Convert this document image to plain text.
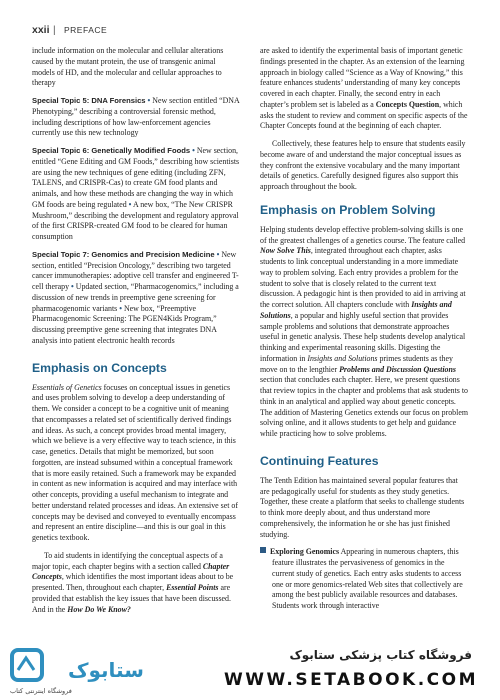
xxii | PREFACE

include information on the molecular and cellular alterations caused by the mutant protein, the use of transgenic animal models of HD, and the molecular and cellular approaches to therapy

Special Topic 5: DNA Forensics • New section entitled “DNA Phenotyping,” describing a controversial forensic method, including descriptions of how law-enforcement agencies currently use this new technology

Special Topic 6: Genetically Modified Foods • New section, entitled “Gene Editing and GM Foods,” describing how scientists are using the new techniques of gene editing (including ZFN, TALENS, and CRISPR-Cas) to create GM food plants and animals, and how these methods are changing the way in which GM foods are being regulated • A new box, “The New CRISPR Mushroom,” describing the development and regulatory approval of the first CRISPR-created GM food to be cleared for human consumption

Special Topic 7: Genomics and Precision Medicine • New section, entitled “Precision Oncology,” describing two targeted cancer immunotherapies: adoptive cell transfer and engineered T-cell therapy • Updated section, “Pharmacogenomics,” including a discussion of new trends in preemptive gene screening for pharmacogenomic variants • New box, “Preemptive Pharmacogenomic Screening: The PGEN4Kids Program,” discussing preemptive gene screening that integrates DNA analysis into patient electronic health records

Emphasis on Concepts

Essentials of Genetics focuses on conceptual issues in genetics and uses problem solving to develop a deep understanding of them. We consider a concept to be a cognitive unit of meaning that encompasses a related set of scientifically derived findings and ideas. As such, a concept provides broad mental imagery, which we believe is a very effective way to teach science, in this case, genetics. Details that might be memorized, but soon forgotten, are instead subsumed within a conceptual framework that is more easily retained. Such a framework may be expanded in content as new information is acquired and may interface with other concepts, providing a useful mechanism to integrate and better understand related processes and ideas. An extensive set of concepts may be devised and conveyed to eventually encompass and represent an entire discipline—and this is our goal in this genetics textbook.

To aid students in identifying the conceptual aspects of a major topic, each chapter begins with a section called Chapter Concepts, which identifies the most important ideas about to be presented. Then, throughout each chapter, Essential Points are provided that establish the key issues that have been discussed. And in the How Do We Know?

are asked to identify the experimental basis of important genetic findings presented in the chapter. As an extension of the learning approach in biology called “Science as a Way of Knowing,” this feature enhances students’ understanding of many key concepts covered in each chapter. Finally, the second entry in each chapter’s problem set is labeled as a Concepts Question, which asks the student to review and comment on specific aspects of the Chapter Concepts found at the beginning of each chapter.

Collectively, these features help to ensure that students easily become aware of and understand the major conceptual issues as they confront the extensive vocabulary and the many important details of genetics. Carefully designed figures also support this approach throughout the book.

Emphasis on Problem Solving

Helping students develop effective problem-solving skills is one of the greatest challenges of a genetics course. The feature called Now Solve This, integrated throughout each chapter, asks students to link conceptual understanding in a more immediate way to problem solving. Each entry provides a problem for the student to solve that is closely related to the current text discussion. A pedagogic hint is then provided to aid in arriving at the correct solution. All chapters conclude with Insights and Solutions, a popular and highly useful section that provides sample problems and solutions that demonstrate approaches useful in genetic analysis. These help students develop analytical thinking and experimental reasoning skills. Digesting the information in Insights and Solutions primes students as they move on to the lengthier Problems and Discussion Questions section that concludes each chapter. Here, we present questions that review topics in the chapter and problems that ask students to think in an analytical and applied way about genetic concepts. The addition of Mastering Genetics extends our focus on problem solving online, and it allows students to get help and guidance while practicing how to solve problems.

Continuing Features

The Tenth Edition has maintained several popular features that are pedagogically useful for students as they study genetics. Together, these create a platform that seeks to challenge students to think more deeply about, and thus understand more comprehensively, the information he or she has just finished studying.

Exploring Genomics Appearing in numerous chapters, this feature illustrates the pervasiveness of genomics in the current study of genetics. Each entry asks students to access one or more genomics-related Web sites that collectively are among the best publicly available resources and databases. Students work through interactive

ستابوک
فروشگاه اینترنتی کتاب
فروشگاه کتاب پزشکی ستابوک
WWW.SETABOOK.COM
